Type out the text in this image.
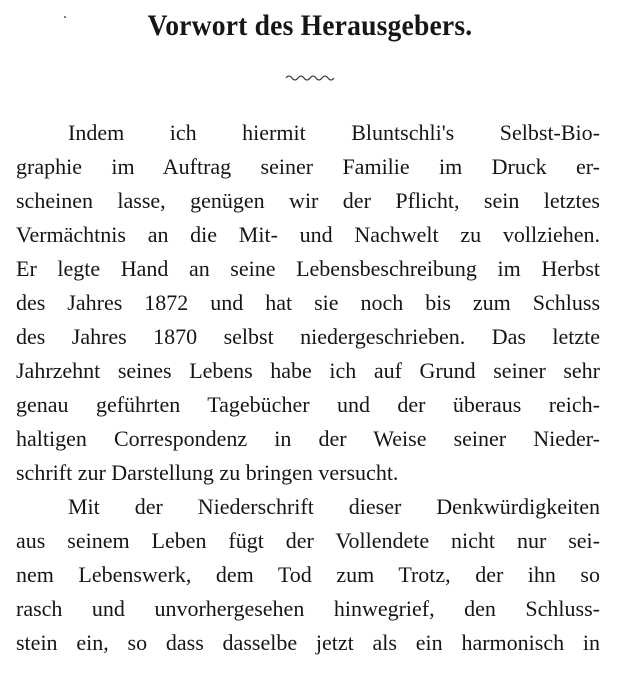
Vorwort des Herausgebers.
Indem ich hiermit Bluntschli's Selbst-Bio-
graphie im Auftrag seiner Familie im Druck er-
scheinen lasse, genügen wir der Pflicht, sein letztes
Vermächtnis an die Mit- und Nachwelt zu vollziehen.
Er legte Hand an seine Lebensbeschreibung im Herbst
des Jahres 1872 und hat sie noch bis zum Schluss
des Jahres 1870 selbst niedergeschrieben. Das letzte
Jahrzehnt seines Lebens habe ich auf Grund seiner sehr
genau geführten Tagebücher und der überaus reich-
haltigen Correspondenz in der Weise seiner Nieder-
schrift zur Darstellung zu bringen versucht.
Mit der Niederschrift dieser Denkwürdigkeiten
aus seinem Leben fügt der Vollendete nicht nur sei-
nem Lebenswerk, dem Tod zum Trotz, der ihn so
rasch und unvorhergesehen hinwegrief, den Schluss-
stein ein, so dass dasselbe jetzt als ein harmonisch in
